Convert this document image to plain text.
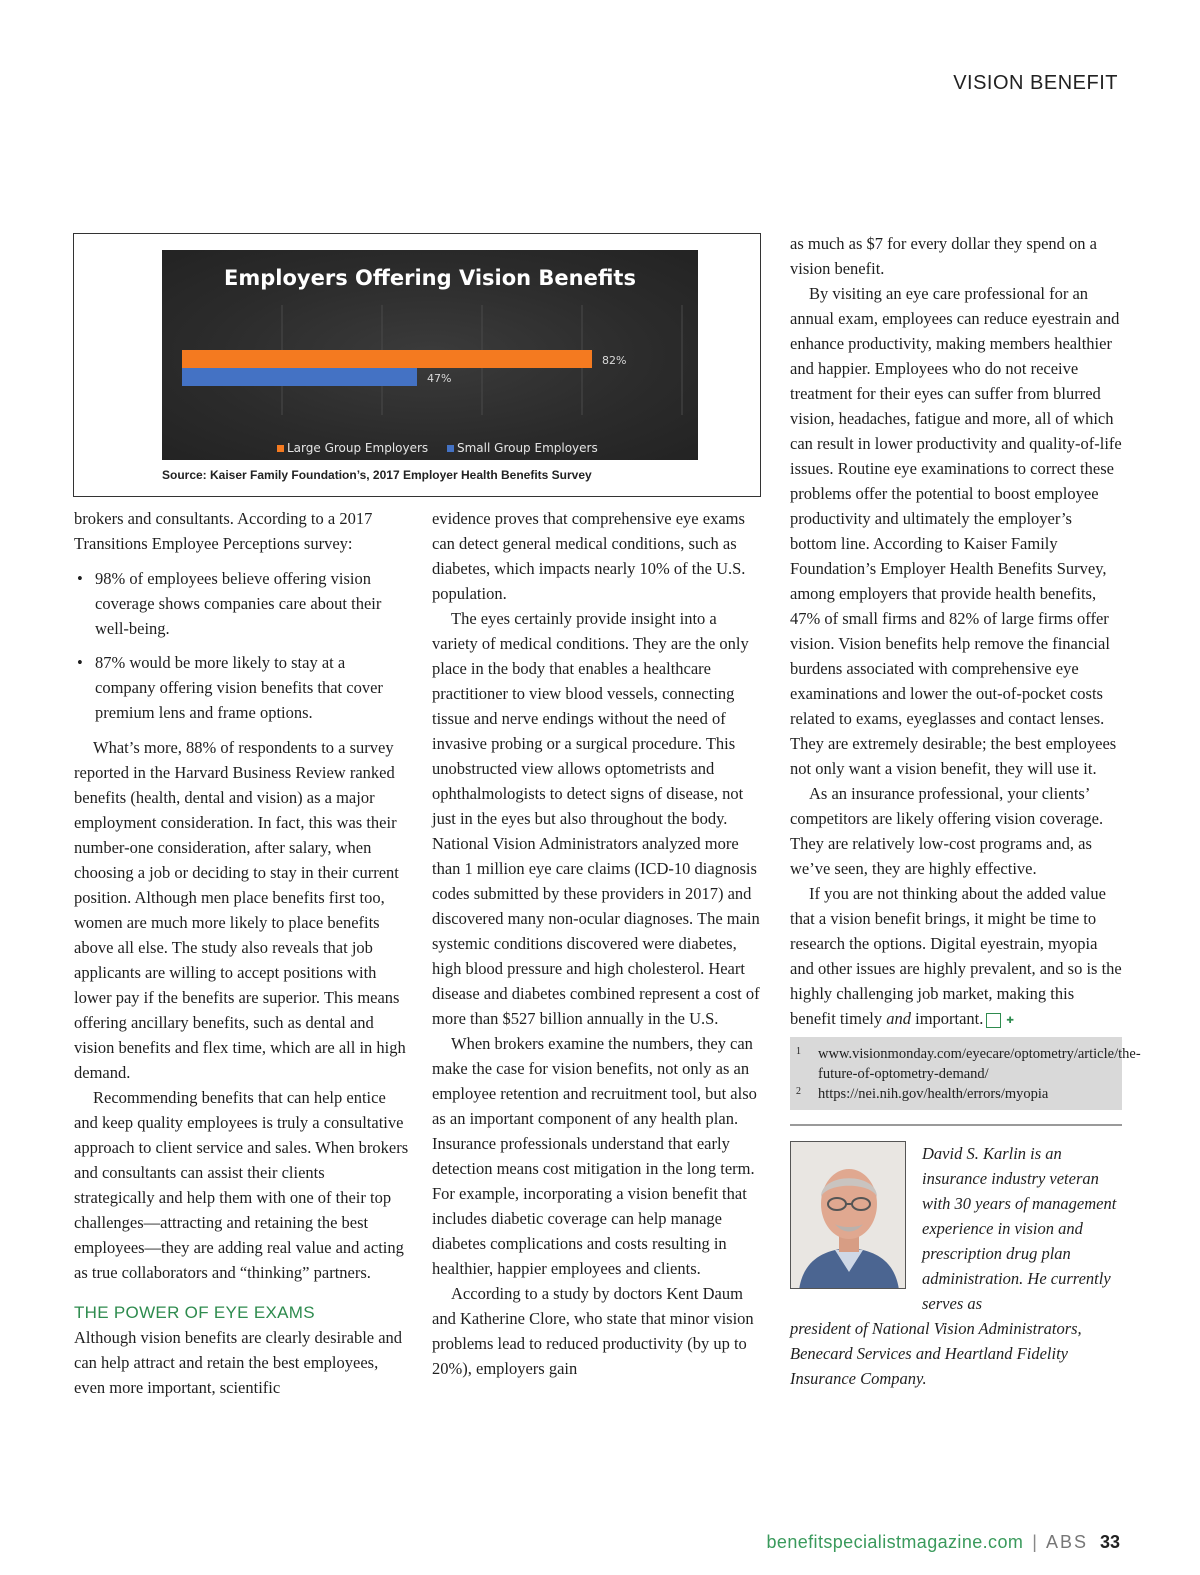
VISION BENEFIT
Employers Offering Vision Benefits
82%
47%
Large Group Employers Small Group Employers
Source: Kaiser Family Foundation’s, 2017 Employer Health Benefits Survey

brokers and consultants. According to a 2017 Transitions Employee Perceptions survey:

• 98% of employees believe offering vision coverage shows companies care about their well-being.
• 87% would be more likely to stay at a company offering vision benefits that cover premium lens and frame options.

What’s more, 88% of respondents to a survey reported in the Harvard Business Review ranked benefits (health, dental and vision) as a major employment consideration. In fact, this was their number-one consideration, after salary, when choosing a job or deciding to stay in their current position. Although men place benefits first too, women are much more likely to place benefits above all else. The study also reveals that job applicants are willing to accept positions with lower pay if the benefits are superior. This means offering ancillary benefits, such as dental and vision benefits and flex time, which are all in high demand.

Recommending benefits that can help entice and keep quality employees is truly a consultative approach to client service and sales. When brokers and consultants can assist their clients strategically and help them with one of their top challenges—attracting and retaining the best employees—they are adding real value and acting as true collaborators and “thinking” partners.

THE POWER OF EYE EXAMS

Although vision benefits are clearly desirable and can help attract and retain the best employees, even more important, scientific

evidence proves that comprehensive eye exams can detect general medical conditions, such as diabetes, which impacts nearly 10% of the U.S. population.

The eyes certainly provide insight into a variety of medical conditions. They are the only place in the body that enables a healthcare practitioner to view blood vessels, connecting tissue and nerve endings without the need of invasive probing or a surgical procedure. This unobstructed view allows optometrists and ophthalmologists to detect signs of disease, not just in the eyes but also throughout the body. National Vision Administrators analyzed more than 1 million eye care claims (ICD-10 diagnosis codes submitted by these providers in 2017) and discovered many non-ocular diagnoses. The main systemic conditions discovered were diabetes, high blood pressure and high cholesterol. Heart disease and diabetes combined represent a cost of more than $527 billion annually in the U.S.

When brokers examine the numbers, they can make the case for vision benefits, not only as an employee retention and recruitment tool, but also as an important component of any health plan. Insurance professionals understand that early detection means cost mitigation in the long term. For example, incorporating a vision benefit that includes diabetic coverage can help manage diabetes complications and costs resulting in healthier, happier employees and clients.

According to a study by doctors Kent Daum and Katherine Clore, who state that minor vision problems lead to reduced productivity (by up to 20%), employers gain

as much as $7 for every dollar they spend on a vision benefit.

By visiting an eye care professional for an annual exam, employees can reduce eyestrain and enhance productivity, making members healthier and happier. Employees who do not receive treatment for their eyes can suffer from blurred vision, headaches, fatigue and more, all of which can result in lower productivity and quality-of-life issues. Routine eye examinations to correct these problems offer the potential to boost employee productivity and ultimately the employer’s bottom line. According to Kaiser Family Foundation’s Employer Health Benefits Survey, among employers that provide health benefits, 47% of small firms and 82% of large firms offer vision. Vision benefits help remove the financial burdens associated with comprehensive eye examinations and lower the out-of-pocket costs related to exams, eyeglasses and contact lenses. They are extremely desirable; the best employees not only want a vision benefit, they will use it.

As an insurance professional, your clients’ competitors are likely offering vision coverage. They are relatively low-cost programs and, as we’ve seen, they are highly effective.

If you are not thinking about the added value that a vision benefit brings, it might be time to research the options. Digital eyestrain, myopia and other issues are highly prevalent, and so is the highly challenging job market, making this benefit timely and important.	✚

1 www.visionmonday.com/eyecare/optometry/article/the-future-of-optometry-demand/
2 https://nei.nih.gov/health/errors/myopia
David S. Karlin is an insurance industry veteran with 30 years of management experience in vision and prescription drug plan administration. He currently serves as
president of National Vision Administrators, Benecard Services and Heartland Fidelity Insurance Company.
benefitspecialistmagazine.com | ABS 33
